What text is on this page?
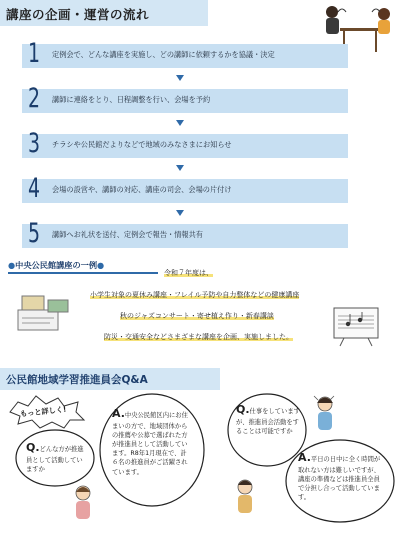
講座の企画・運営の流れ
1 定例会で、どんな講座を実施し、どの講師に依頼するかを協議・決定
2 講師に連絡をとり、日程調整を行い、会場を予約
3 チラシや公民館だよりなどで地域のみなさまにお知らせ
4 会場の設営や、講師の対応、講座の司会、会場の片付け
5 講師へお礼状を送付、定例会で報告・情報共有
●中央公民館講座の一例●
令和７年度は、
小学生対象の夏休み講座・フレイル予防や自力整体などの健康講座
秋のジャズコンサート・寄せ植え作り・新春講談
防災・交通安全などさまざまな講座を企画、実施しました。
公民館地域学習推進員会Q&A
もっと詳しく!
Q.どんな方が推進員として活動していますか
A.中央公民館区内にお住まいの方で、地域団体からの推薦や公募で選ばれた方が推進員として活動しています。R8年1月現在で、計６名の推進員がご活躍されています。
Q.仕事をしていますが、推進員会活動をすることは可能ですか
A.平日の日中に全く時間が取れない方は難しいですが、講座の準備などは推進員全員で分担し合って活動しています。
